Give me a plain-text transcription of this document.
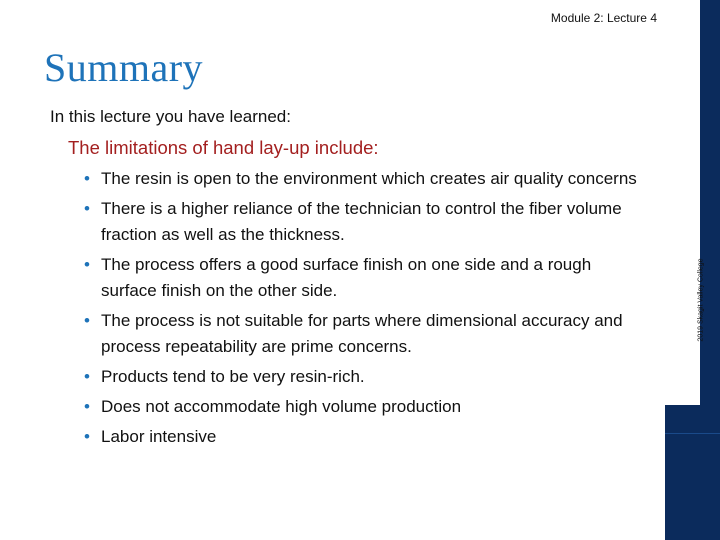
Module 2: Lecture 4
Summary
In this lecture you have learned:
The limitations of hand lay-up include:
• The resin is open to the environment which creates air quality concerns
• There is a higher reliance of the technician to control the fiber volume fraction as well as the thickness.
• The process offers a good surface finish on one side and a rough surface finish on the other side.
• The process is not suitable for parts where dimensional accuracy and process repeatability are prime concerns.
• Products tend to be very resin-rich.
• Does not accommodate high volume production
• Labor intensive
2019 Skagit Valley College
